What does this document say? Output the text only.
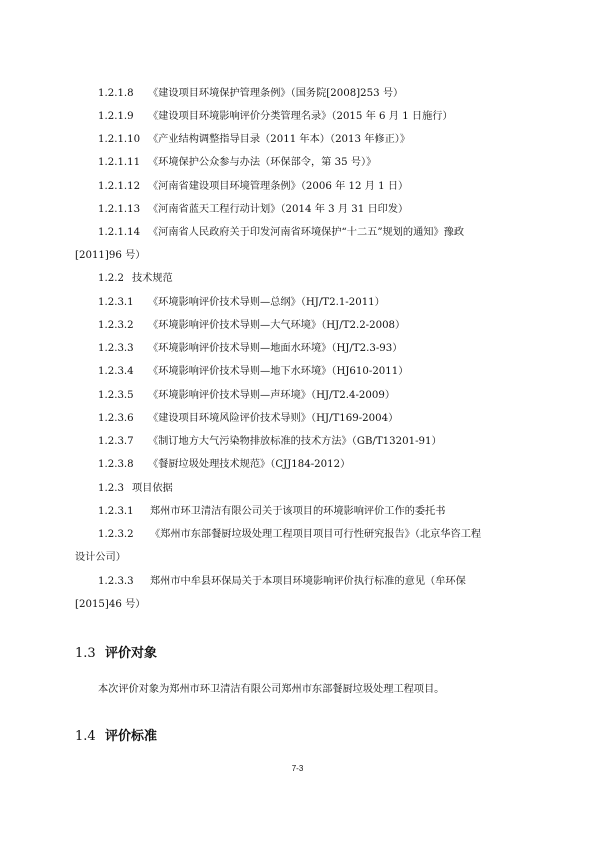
1.2.1.8 《建设项目环境保护管理条例》（国务院[2008]253 号）
1.2.1.9 《建设项目环境影响评价分类管理名录》（2015 年 6 月 1 日施行）
1.2.1.10 《产业结构调整指导目录（2011 年本）（2013 年修正）》
1.2.1.11 《环境保护公众参与办法（环保部令，第 35 号）》
1.2.1.12 《河南省建设项目环境管理条例》（2006 年 12 月 1 日）
1.2.1.13 《河南省蓝天工程行动计划》（2014 年 3 月 31 日印发）
1.2.1.14 《河南省人民政府关于印发河南省环境保护“十二五”规划的通知》豫政
[2011]96 号）
1.2.2 技术规范
1.2.3.1 《环境影响评价技术导则—总纲》（HJ/T2.1-2011）
1.2.3.2 《环境影响评价技术导则—大气环境》（HJ/T2.2-2008）
1.2.3.3 《环境影响评价技术导则—地面水环境》（HJ/T2.3-93）
1.2.3.4 《环境影响评价技术导则—地下水环境》（HJ610-2011）
1.2.3.5 《环境影响评价技术导则—声环境》（HJ/T2.4-2009）
1.2.3.6 《建设项目环境风险评价技术导则》（HJ/T169-2004）
1.2.3.7 《制订地方大气污染物排放标准的技术方法》（GB/T13201-91）
1.2.3.8 《餐厨垃圾处理技术规范》（CJJ184-2012）
1.2.3 项目依据
1.2.3.1 郑州市环卫清洁有限公司关于该项目的环境影响评价工作的委托书
1.2.3.2 《郑州市东部餐厨垃圾处理工程项目项目可行性研究报告》（北京华咨工程
设计公司）
1.2.3.3 郑州市中牟县环保局关于本项目环境影响评价执行标准的意见（牟环保
[2015]46 号）
1.3 评价对象
本次评价对象为郑州市环卫清洁有限公司郑州市东部餐厨垃圾处理工程项目。
1.4 评价标准
7-3
